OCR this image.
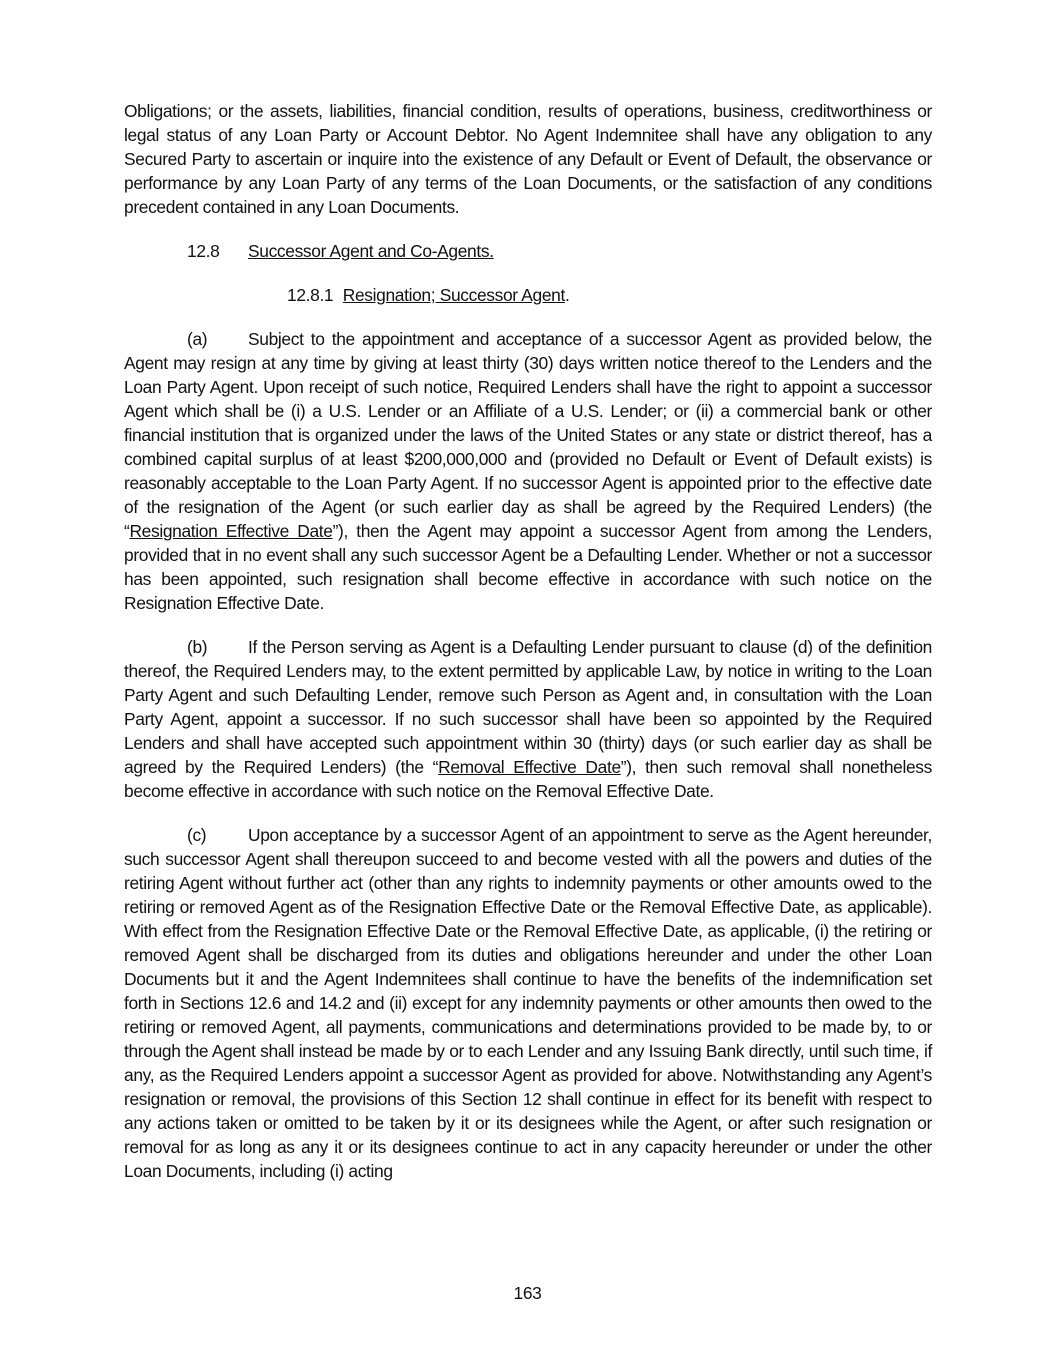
Obligations; or the assets, liabilities, financial condition, results of operations, business, creditworthiness or legal status of any Loan Party or Account Debtor. No Agent Indemnitee shall have any obligation to any Secured Party to ascertain or inquire into the existence of any Default or Event of Default, the observance or performance by any Loan Party of any terms of the Loan Documents, or the satisfaction of any conditions precedent contained in any Loan Documents.

12.8 Successor Agent and Co-Agents.

12.8.1 Resignation; Successor Agent.

(a) Subject to the appointment and acceptance of a successor Agent as provided below, the Agent may resign at any time by giving at least thirty (30) days written notice thereof to the Lenders and the Loan Party Agent. Upon receipt of such notice, Required Lenders shall have the right to appoint a successor Agent which shall be (i) a U.S. Lender or an Affiliate of a U.S. Lender; or (ii) a commercial bank or other financial institution that is organized under the laws of the United States or any state or district thereof, has a combined capital surplus of at least $200,000,000 and (provided no Default or Event of Default exists) is reasonably acceptable to the Loan Party Agent. If no successor Agent is appointed prior to the effective date of the resignation of the Agent (or such earlier day as shall be agreed by the Required Lenders) (the “Resignation Effective Date”), then the Agent may appoint a successor Agent from among the Lenders, provided that in no event shall any such successor Agent be a Defaulting Lender. Whether or not a successor has been appointed, such resignation shall become effective in accordance with such notice on the Resignation Effective Date.

(b) If the Person serving as Agent is a Defaulting Lender pursuant to clause (d) of the definition thereof, the Required Lenders may, to the extent permitted by applicable Law, by notice in writing to the Loan Party Agent and such Defaulting Lender, remove such Person as Agent and, in consultation with the Loan Party Agent, appoint a successor. If no such successor shall have been so appointed by the Required Lenders and shall have accepted such appointment within 30 (thirty) days (or such earlier day as shall be agreed by the Required Lenders) (the “Removal Effective Date”), then such removal shall nonetheless become effective in accordance with such notice on the Removal Effective Date.

(c) Upon acceptance by a successor Agent of an appointment to serve as the Agent hereunder, such successor Agent shall thereupon succeed to and become vested with all the powers and duties of the retiring Agent without further act (other than any rights to indemnity payments or other amounts owed to the retiring or removed Agent as of the Resignation Effective Date or the Removal Effective Date, as applicable). With effect from the Resignation Effective Date or the Removal Effective Date, as applicable, (i) the retiring or removed Agent shall be discharged from its duties and obligations hereunder and under the other Loan Documents but it and the Agent Indemnitees shall continue to have the benefits of the indemnification set forth in Sections 12.6 and 14.2 and (ii) except for any indemnity payments or other amounts then owed to the retiring or removed Agent, all payments, communications and determinations provided to be made by, to or through the Agent shall instead be made by or to each Lender and any Issuing Bank directly, until such time, if any, as the Required Lenders appoint a successor Agent as provided for above. Notwithstanding any Agent’s resignation or removal, the provisions of this Section 12 shall continue in effect for its benefit with respect to any actions taken or omitted to be taken by it or its designees while the Agent, or after such resignation or removal for as long as any it or its designees continue to act in any capacity hereunder or under the other Loan Documents, including (i) acting

163
